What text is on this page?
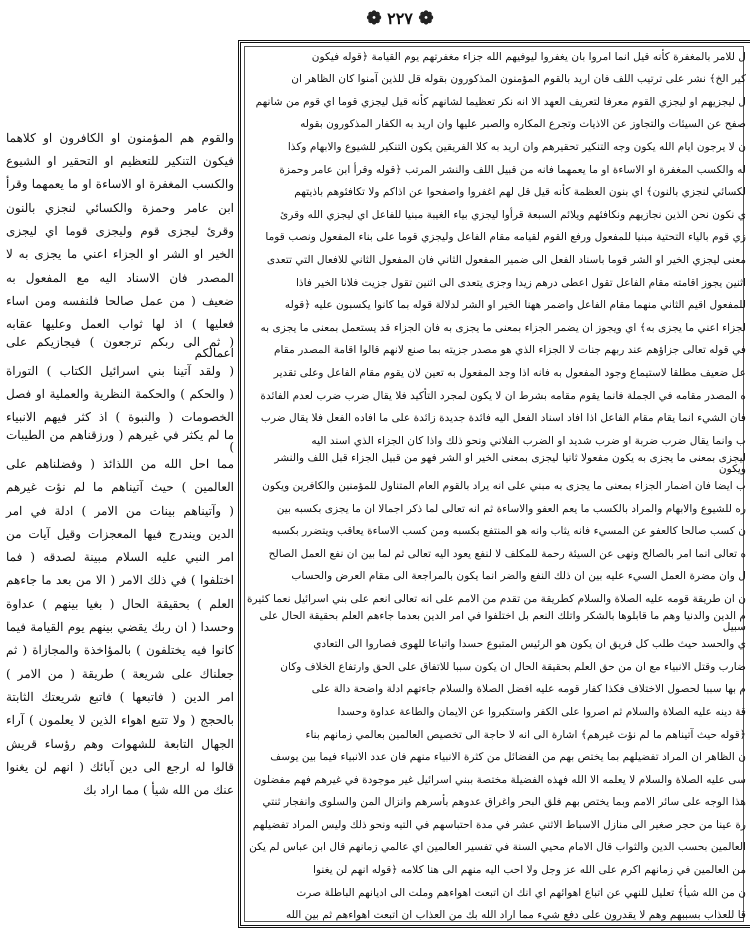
❁ ٢٢٧ ❁
ل للامر بالمغفرة كأنه قيل انما امروا بان يغفروا ليوفيهم الله جزاء مغفرتهم يوم القيامة ﴿قوله فيكون
كير الخ﴾ نشر على ترتيب اللف فان اريد بالقوم المؤمنون المذكورون بقوله قل للذين آمنوا كان الظاهر ان
ل ليجزيهم او ليجزي القوم معرفا لتعريف العهد الا انه نكر تعظيما لشانهم كأنه قيل ليجزي قوما اي قوم من شانهم
صفح عن السيئات والتجاوز عن الاذيات وتجرع المكاره والصبر عليها وان اريد به الكفار المذكورون بقوله
ن لا يرجون ايام الله يكون وجه التنكير تحقيرهم وان اريد به كلا الفريقين يكون التنكير للشيوع والابهام وكذا
له والكسب المغفرة او الاساءة او ما يعمهما فانه من قبيل اللف والنشر المرتب ﴿قوله وقرأ ابن عامر وحمزة
لكسائي لنجزي بالنون﴾ اي بنون العظمة كأنه قيل قل لهم اغفروا واصفحوا عن اذاكم ولا تكافئوهم باذيتهم
ي نكون نحن الذين نجازيهم ونكافئهم ويلائم السبعة قرأوا ليجزي بياء الغيبة مبنيا للفاعل اي ليجزي الله وقرئ
زي قوم بالياء التحتية مبنيا للمفعول ورفع القوم لقيامه مقام الفاعل وليجزي قوما على بناء المفعول ونصب قوما
معنى ليجزي الخير او الشر قوما باسناد الفعل الى ضمير المفعول الثاني فان المفعول الثاني للافعال التي تتعدى
اثنين يجوز اقامته مقام الفاعل تقول اعطى درهم زيدا وجزى يتعدى الى اثنين تقول جزيت فلانا الخير فاذا
للمفعول اقيم الثاني منهما مقام الفاعل واضمر ههنا الخير او الشر لدلالة قوله بما كانوا يكسبون عليه ﴿قوله
لجزاء اعني ما يجزى به﴾ اي ويجوز ان يضمر الجزاء بمعنى ما يجزى به فان الجزاء قد يستعمل بمعنى ما يجزى به
في قوله تعالى جزاؤهم عند ربهم جنات لا الجزاء الذي هو مصدر جزيته بما صنع لانهم قالوا اقامة المصدر مقام
عل ضعيف مطلقا لاستيماع وجود المفعول به فانه اذا وجد المفعول به تعين لان يقوم مقام الفاعل وعلى تقدير
ه المصدر مقامه في الجملة فانما يقوم مقامه بشرط ان لا يكون لمجرد التأكيد فلا يقال ضرب ضرب لعدم الفائدة
فان الشيء انما يقام مقام الفاعل اذا افاد اسناد الفعل اليه فائدة جديدة زائدة على ما افاده الفعل فلا يقال ضرب
ب وانما يقال ضرب ضربة او ضرب شديد او الضرب الفلاني ونحو ذلك واذا كان الجزاء الذي اسند اليه
ليجزى بمعنى ما يجزى به يكون مفعولا ثانيا ليجزى بمعنى الخير او الشر فهو من قبيل الجزاء قبل اللف والنشر ويكون
ب ايضا فان اضمار الجزاء بمعنى ما يجزى به مبني على انه يراد بالقوم العام المتناول للمؤمنين والكافرين ويكون
ره للشيوع والابهام والمراد بالكسب ما يعم العفو والاساءة ثم انه تعالى لما ذكر اجمالا ان ما يجزى بكسبه بين
ن كسب صالحا كالعفو عن المسيء فانه يثاب وانه هو المنتفع بكسبه ومن كسب الاساءة يعاقب ويتضرر بكسبه
ه تعالى انما امر بالصالح ونهى عن السيئة رحمة للمكلف لا لنفع يعود اليه تعالى ثم لما بين ان نفع العمل الصالح
ل وان مضرة العمل السيء عليه بين ان ذلك النفع والضر انما يكون بالمراجعة الى مقام العرض والحساب
ن ان طريقة قومه عليه الصلاة والسلام كطريقة من تقدم من الامم على انه تعالى انعم على بني اسرائيل نعما كثيرة
م الدين والدنيا وهم ما قابلوها بالشكر واتلك النعم بل اختلفوا في امر الدين بعدما جاءهم العلم بحقيقة الحال على سبيل
ي والحسد حيث طلب كل فريق ان يكون هو الرئيس المتبوع حسدا واتباعا للهوى فصاروا الى التعادي
ضارب وقتل الانبياء مع ان من حق العلم بحقيقة الحال ان يكون سببا للاتفاق على الحق وارتفاع الخلاف وكان
م بها سببا لحصول الاختلاف فكذا كفار قومه عليه افضل الصلاة والسلام جاءتهم ادلة واضحة دالة على
قة دينه عليه الصلاة والسلام ثم اصروا على الكفر واستكبروا عن الايمان والطاعة عداوة وحسدا
﴿قوله حيث آتيناهم ما لم نؤت غيرهم﴾ اشارة الى انه لا حاجة الى تخصيص العالمين بعالمي زمانهم بناء
ن الظاهر ان المراد تفضيلهم بما يختص بهم من الفضائل من كثرة الانبياء منهم فان عدد الانبياء فيما بين يوسف
سى عليه الصلاة والسلام لا يعلمه الا الله فهذه الفضيلة مختصة ببني اسرائيل غير موجودة في غيرهم فهم مفضلون
هذا الوجه على سائر الامم وبما يختص بهم فلق البحر واغراق عدوهم بأسرهم وانزال المن والسلوى وانفجار ثنتي
رة عينا من حجر صغير الى منازل الاسباط الاثني عشر في مدة احتباسهم في التيه ونحو ذلك وليس المراد تفضيلهم
العالمين بحسب الدين والثواب قال الامام محيي السنة في تفسير العالمين اي عالمي زمانهم قال ابن عباس لم يكن
من العالمين في زمانهم اكرم على الله عز وجل ولا احب اليه منهم الى هنا كلامه ﴿قوله انهم لن يغنوا
ن من الله شيأ﴾ تعليل للنهي عن اتباع اهوائهم اي انك ان اتبعت اهواءهم وملت الى اديانهم الباطلة صرت
قا للعذاب بسببهم وهم لا يقدرون على دفع شيء مما اراد الله بك من العذاب ان اتبعت اهواءهم ثم بين الله
والقوم هم المؤمنون او الكافرون او كلاهما
فيكون التنكير للتعظيم او التحقير او الشيوع
والكسب المغفرة او الاساءة او ما يعمهما وقرأ
ابن عامر وحمزة والكسائي لنجزي بالنون
وقرئ ليجزى قوم وليجزى قوما اي ليجزى
الخير او الشر او الجزاء اعني ما يجزى به لا
المصدر فان الاسناد اليه مع المفعول به
ضعيف ( من عمل صالحا فلنفسه ومن اساء
فعليها ) اذ لها ثواب العمل وعليها عقابه
( ثم الى ربكم ترجعون ) فيجازيكم على اعمالكم
( ولقد آتينا بني اسرائيل الكتاب ) التوراة
( والحكم ) والحكمة النظرية والعملية او فصل
الخصومات ( والنبوة ) اذ كثر فيهم الانبياء
ما لم يكثر في غيرهم ( ورزقناهم من الطيبات )
مما احل الله من اللذائذ ( وفضلناهم على
العالمين ) حيث آتيناهم ما لم نؤت غيرهم
( وآتيناهم بينات من الامر ) ادلة في امر
الدين ويندرج فيها المعجزات وقيل آيات من
امر النبي عليه السلام مبينة لصدقه ( فما
اختلفوا ) في ذلك الامر ( الا من بعد ما جاءهم
العلم ) بحقيقة الحال ( بغيا بينهم ) عداوة
وحسدا ( ان ربك يقضي بينهم يوم القيامة فيما
كانوا فيه يختلفون ) بالمؤاخذة والمجازاة ( ثم
جعلناك على شريعة ) طريقة ( من الامر )
امر الدين ( فاتبعها ) فاتبع شريعتك الثابتة
بالحجج ( ولا تتبع اهواء الذين لا يعلمون ) آراء
الجهال التابعة للشهوات وهم رؤساء قريش
قالوا له ارجع الى دين آبائك ( انهم لن يغنوا
عنك من الله شيأ ) مما اراد بك
